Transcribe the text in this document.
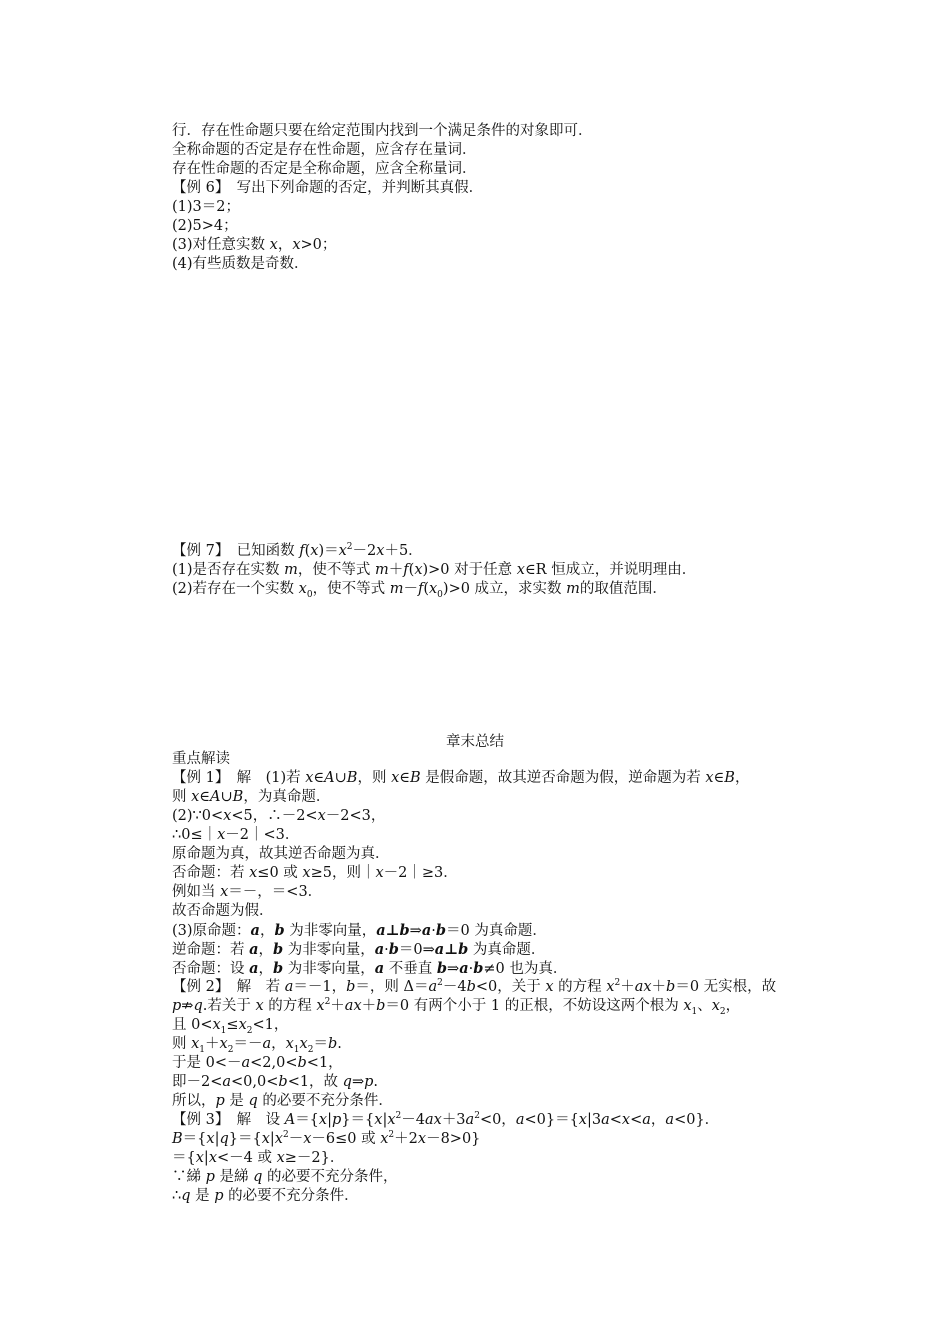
行．存在性命题只要在给定范围内找到一个满足条件的对象即可．
全称命题的否定是存在性命题，应含存在量词．
存在性命题的否定是全称命题，应含全称量词．
【例 6】　写出下列命题的否定，并判断其真假．
(1)3＝2；
(2)5>4；
(3)对任意实数 x，x>0；
(4)有些质数是奇数．
【例 7】　已知函数 $f(x)=x^2-2x+5$．
(1)是否存在实数 m，使不等式 m＋f(x)>0 对于任意 x∈R 恒成立，并说明理由．
(2)若存在一个实数 $x_0$，使不等式 $m-f(x_0)>0$ 成立，求实数 m的取值范围．
章末总结
重点解读
【例 1】　解　(1)若 x∈A∪B，则 x∈B 是假命题，故其逆否命题为假，逆命题为若 x∈B，
则 x∈A∪B，为真命题．
(2)∵0<x<5，∴－2<x－2<3，
∴0≤｜x－2｜<3．
原命题为真，故其逆否命题为真．
否命题：若 x≤0 或 x≥5，则｜x－2｜≥3．
例如当 x＝－，＝<3．
故否命题为假．
(3)原命题：a，b 为非零向量，a⊥b⇒a·b＝0 为真命题．
逆命题：若 a，b 为非零向量，a·b＝0⇒a⊥b 为真命题．
否命题：设 a，b 为非零向量，a 不垂直 b⇒a·b≠0 也为真．
【例 2】　解　若 a＝－1，b＝，则 $\Delta=a^2-4b<0$，关于 x 的方程 $x^2+ax+b=0$ 无实根，故
p⇏q.若关于 x 的方程 $x^2+ax+b=0$ 有两个小于 1 的正根，不妨设这两个根为 $x_1$、$x_2$，
且 $0<x_1\le x_2<1$，
则 $x_1+x_2=-a$，$x_1x_2=b$.
于是 0<－a<2,0<b<1，
即－2<a<0,0<b<1，故 q⇒p.
所以，p 是 q 的必要不充分条件．
【例 3】　解　设 $A=\{x|p\}=\{x|x^2-4ax+3a^2<0$，a<0}＝{x|3a<x<a，a<0}．
$B=\{x|q\}=\{x|x^2-x-6\le 0$ 或 $x^2+2x-8>0$}
＝{x|x<－4 或 x≥－2}．
∵綈 p 是綈 q 的必要不充分条件，
∴q 是 p 的必要不充分条件．
